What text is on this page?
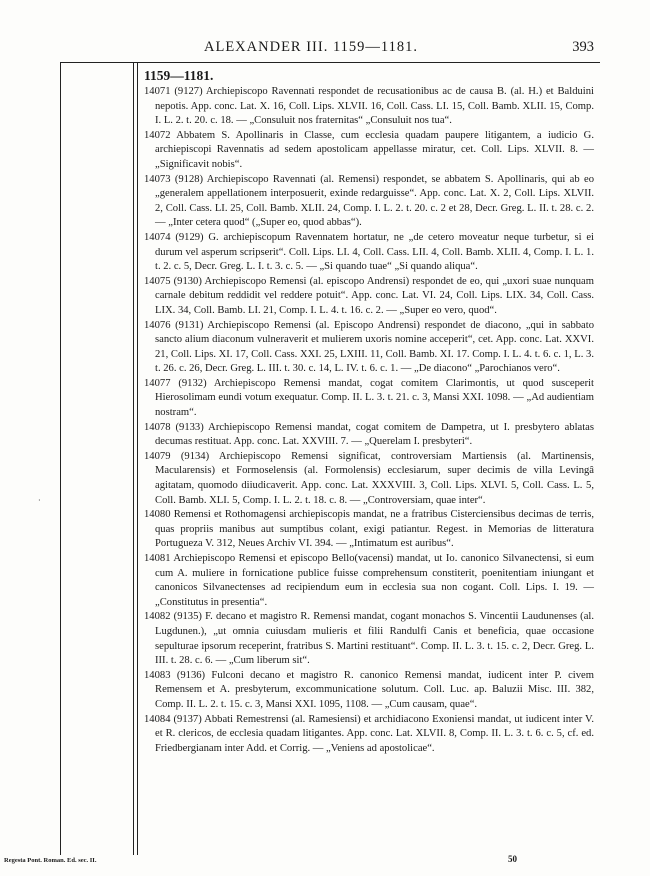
ALEXANDER III. 1159—1181.	393
·
1159—1181.
14071 (9127) Archiepiscopo Ravennati respondet de recusationibus ac de causa B. (al. H.) et Balduini nepotis. App. conc. Lat. X. 16, Coll. Lips. XLVII. 16, Coll. Cass. LI. 15, Coll. Bamb. XLII. 15, Comp. I. L. 2. t. 20. c. 18. — „Consuluit nos fraternitas“ „Consuluit nos tua“.
14072 Abbatem S. Apollinaris in Classe, cum ecclesia quadam paupere litigantem, a iudicio G. archiepiscopi Ravennatis ad sedem apostolicam appellasse miratur, cet. Coll. Lips. XLVII. 8. — „Significavit nobis“.
14073 (9128) Archiepiscopo Ravennati (al. Remensi) respondet, se abbatem S. Apollinaris, qui ab eo „generalem appellationem interposuerit, exinde redarguisse“. App. conc. Lat. X. 2, Coll. Lips. XLVII. 2, Coll. Cass. LI. 25, Coll. Bamb. XLII. 24, Comp. I. L. 2. t. 20. c. 2 et 28, Decr. Greg. L. II. t. 28. c. 2. — „Inter cetera quod“ („Super eo, quod abbas“).
14074 (9129) G. archiepiscopum Ravennatem hortatur, ne „de cetero moveatur neque turbetur, si ei durum vel asperum scripserit“. Coll. Lips. LI. 4, Coll. Cass. LII. 4, Coll. Bamb. XLII. 4, Comp. I. L. 1. t. 2. c. 5, Decr. Greg. L. I. t. 3. c. 5. — „Si quando tuae“ „Si quando aliqua“.
14075 (9130) Archiepiscopo Remensi (al. episcopo Andrensi) respondet de eo, qui „uxori suae nunquam carnale debitum reddidit vel reddere potuit“. App. conc. Lat. VI. 24, Coll. Lips. LIX. 34, Coll. Cass. LIX. 34, Coll. Bamb. LI. 21, Comp. I. L. 4. t. 16. c. 2. — „Super eo vero, quod“.
14076 (9131) Archiepiscopo Remensi (al. Episcopo Andrensi) respondet de diacono, „qui in sabbato sancto alium diaconum vulneraverit et mulierem uxoris nomine acceperit“, cet. App. conc. Lat. XXVI. 21, Coll. Lips. XI. 17, Coll. Cass. XXI. 25, LXIII. 11, Coll. Bamb. XI. 17. Comp. I. L. 4. t. 6. c. 1, L. 3. t. 26. c. 26, Decr. Greg. L. III. t. 30. c. 14, L. IV. t. 6. c. 1. — „De diacono“ „Parochianos vero“.
14077 (9132) Archiepiscopo Remensi mandat, cogat comitem Clarimontis, ut quod susceperit Hierosolimam eundi votum exequatur. Comp. II. L. 3. t. 21. c. 3, Mansi XXI. 1098. — „Ad audientiam nostram“.
14078 (9133) Archiepiscopo Remensi mandat, cogat comitem de Dampetra, ut I. presbytero ablatas decumas restituat. App. conc. Lat. XXVIII. 7. — „Querelam I. presbyteri“.
14079 (9134) Archiepiscopo Remensi significat, controversiam Martiensis (al. Martinensis, Macularensis) et Formoselensis (al. Formolensis) ecclesiarum, super decimis de villa Levingâ agitatam, quomodo diiudicaverit. App. conc. Lat. XXXVIII. 3, Coll. Lips. XLVI. 5, Coll. Cass. L. 5, Coll. Bamb. XLI. 5, Comp. I. L. 2. t. 18. c. 8. — „Controversiam, quae inter“.
14080 Remensi et Rothomagensi archiepiscopis mandat, ne a fratribus Cisterciensibus decimas de terris, quas propriis manibus aut sumptibus colant, exigi patiantur. Regest. in Memorias de litteratura Portugueza V. 312, Neues Archiv VI. 394. — „Intimatum est auribus“.
14081 Archiepiscopo Remensi et episcopo Bello(vacensi) mandat, ut Io. canonico Silvanectensi, si eum cum A. muliere in fornicatione publice fuisse comprehensum constiterit, poenitentiam iniungant et canonicos Silvanectenses ad recipiendum eum in ecclesia sua non cogant. Coll. Lips. I. 19. — „Constitutus in presentia“.
14082 (9135) F. decano et magistro R. Remensi mandat, cogant monachos S. Vincentii Laudunenses (al. Lugdunen.), „ut omnia cuiusdam mulieris et filii Randulfi Canis et beneficia, quae occasione sepulturae ipsorum receperint, fratribus S. Martini restituant“. Comp. II. L. 3. t. 15. c. 2, Decr. Greg. L. III. t. 28. c. 6. — „Cum liberum sit“.
14083 (9136) Fulconi decano et magistro R. canonico Remensi mandat, iudicent inter P. civem Remensem et A. presbyterum, excommunicatione solutum. Coll. Luc. ap. Baluzii Misc. III. 382, Comp. II. L. 2. t. 15. c. 3, Mansi XXI. 1095, 1108. — „Cum causam, quae“.
14084 (9137) Abbati Remestrensi (al. Ramesiensi) et archidiacono Exoniensi mandat, ut iudicent inter V. et R. clericos, de ecclesia quadam litigantes. App. conc. Lat. XLVII. 8, Comp. II. L. 3. t. 6. c. 5, cf. ed. Friedbergianam inter Add. et Corrig. — „Veniens ad apostolicae“.
Regesta Pont. Roman. Ed. sec. II.	50
